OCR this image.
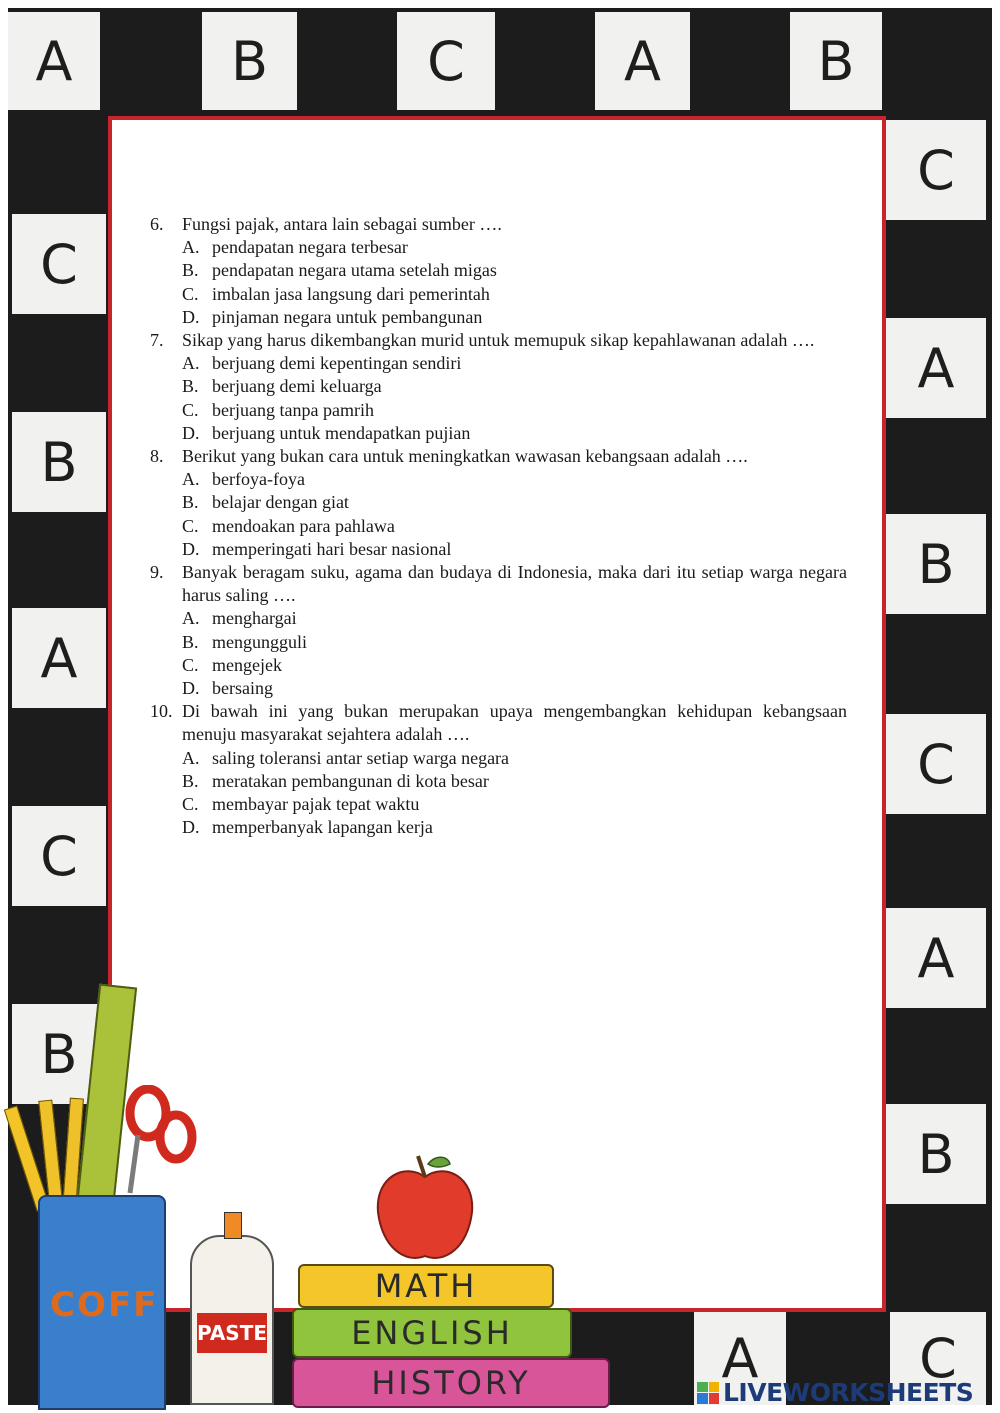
A	B	C	A	B
C
A
B
C
A
B
C
B
A
C
B
A	C
6.	Fungsi pajak, antara lain sebagai sumber ….
A. pendapatan negara terbesar
B. pendapatan negara utama setelah migas
C. imbalan jasa langsung dari pemerintah
D. pinjaman negara untuk pembangunan
7.	Sikap yang harus dikembangkan murid untuk memupuk sikap kepahlawanan adalah ….
A. berjuang demi kepentingan sendiri
B. berjuang demi keluarga
C. berjuang tanpa pamrih
D. berjuang untuk mendapatkan pujian
8.	Berikut yang bukan cara untuk meningkatkan wawasan kebangsaan adalah ….
A. berfoya-foya
B. belajar dengan giat
C. mendoakan para pahlawa
D. memperingati hari besar nasional
9.	Banyak beragam suku, agama dan budaya di Indonesia, maka dari itu setiap warga negara harus saling ….
A. menghargai
B. mengungguli
C. mengejek
D. bersaing
10. Di bawah ini yang bukan merupakan upaya mengembangkan kehidupan kebangsaan menuju masyarakat sejahtera adalah ….
A. saling toleransi antar setiap warga negara
B. meratakan pembangunan di kota besar
C. membayar pajak tepat waktu
D. memperbanyak lapangan kerja
COFF
PASTE
MATH
ENGLISH
HISTORY	LIVEWORKSHEETS
